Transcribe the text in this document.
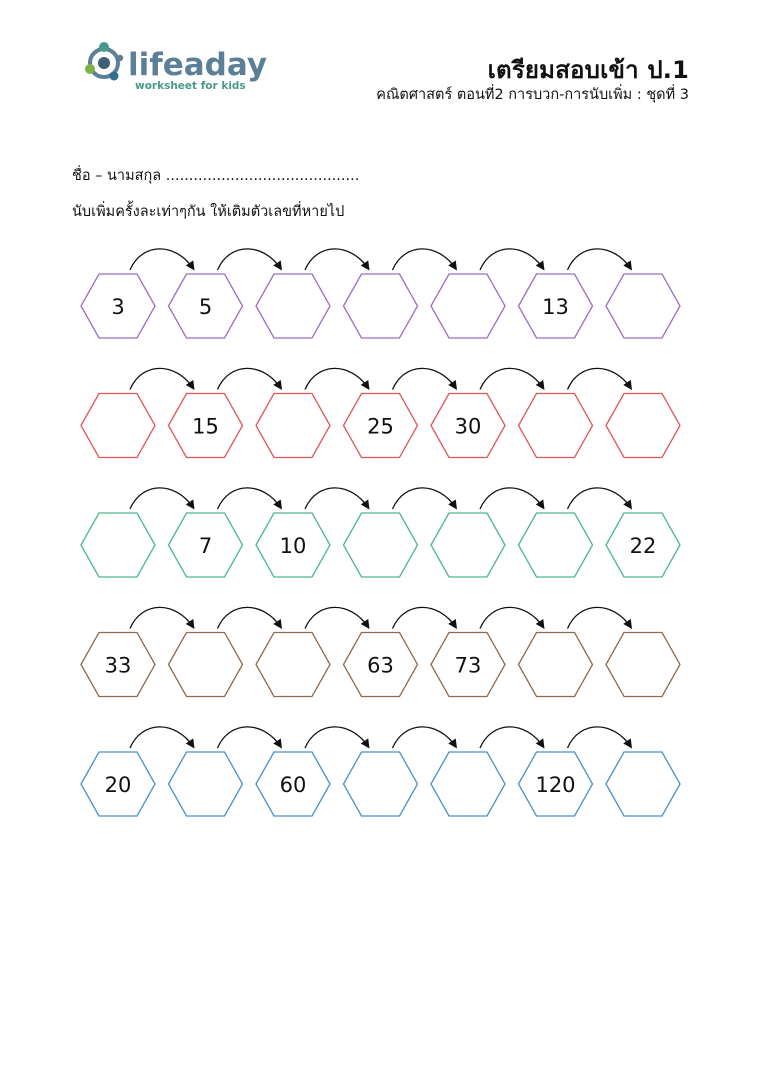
lifeaday
worksheet for kids
เตรียมสอบเข้า ป.1
คณิตศาสตร์ ตอนที่2 การบวก-การนับเพิ่ม : ชุดที่ 3
ชื่อ – นามสกุล ..........................................
นับเพิ่มครั้งละเท่าๆกัน ให้เติมตัวเลขที่หายไป
3	5	13
15	25	30
7	10	22
33	63	73
20	60	120
